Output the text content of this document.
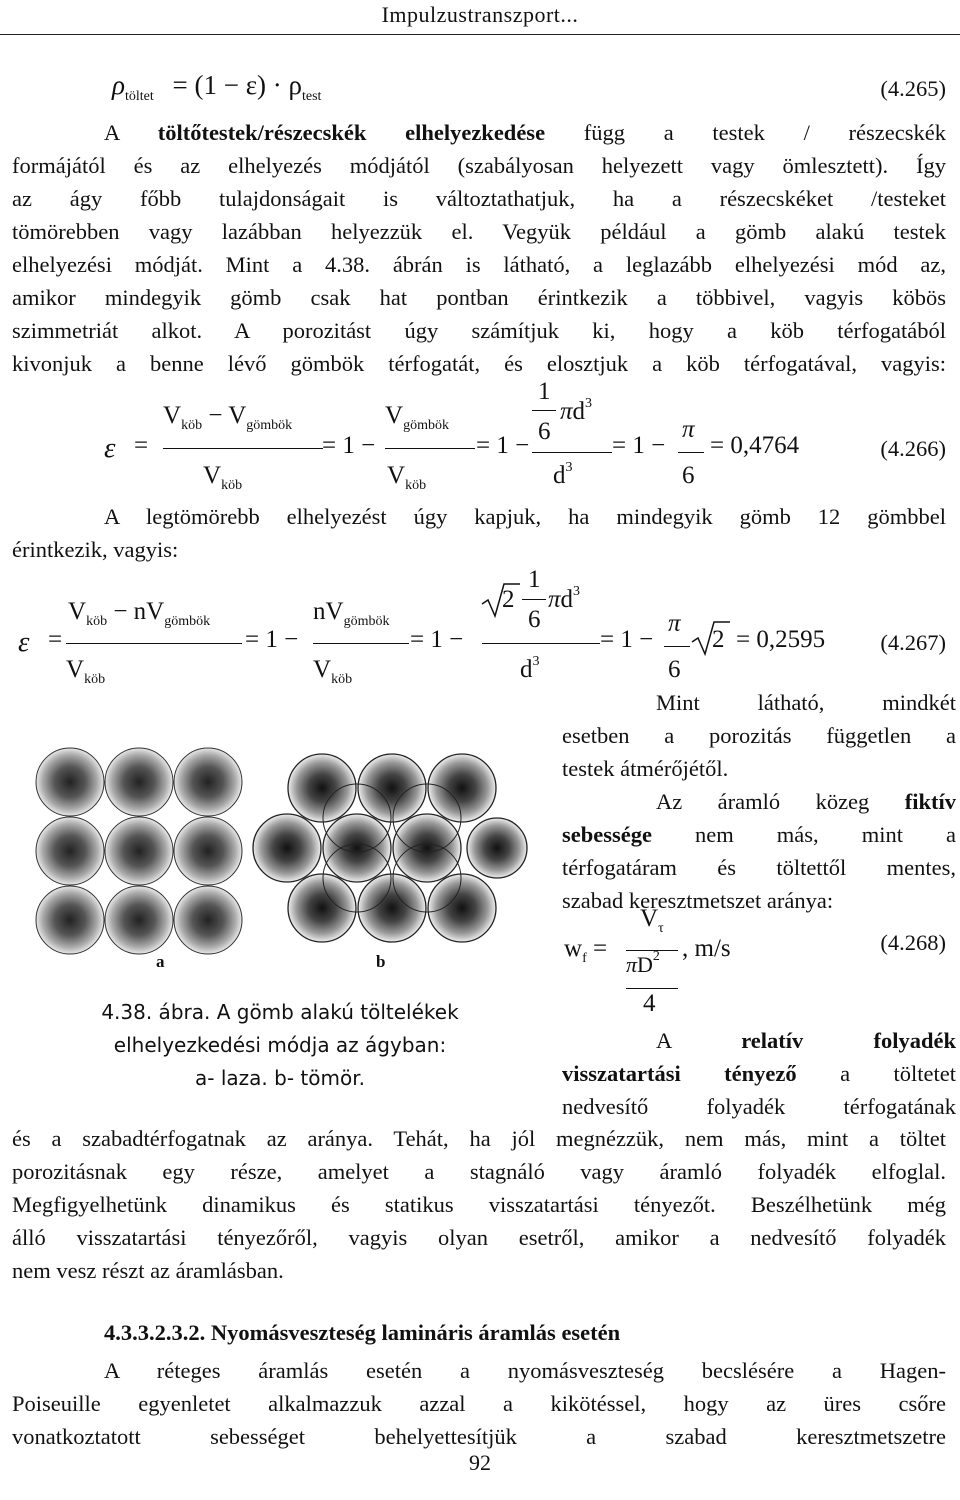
Impulzustranszport...
$\rho_{töltet} = (1 - \varepsilon) \cdot \rho_{test}$	(4.265)
A töltőtestek/részecskék elhelyezkedése függ a testek / részecskék
formájától és az elhelyezés módjától (szabályosan helyezett vagy ömlesztett). Így
az ágy főbb tulajdonságait is változtathatjuk, ha a részecskéket /testeket
tömörebben vagy lazábban helyezzük el. Vegyük például a gömb alakú testek
elhelyezési módját. Mint a 4.38. ábrán is látható, a leglazább elhelyezési mód az,
amikor mindegyik gömb csak hat pontban érintkezik a többivel, vagyis köbös
szimmetriát alkot. A porozitást úgy számítjuk ki, hogy a köb térfogatából
kivonjuk a benne lévő gömbök térfogatát, és elosztjuk a köb térfogatával, vagyis:
ε =
$V_{köb} - V_{gömbök}$
$V_{köb}$
= 1 −
$V_{gömbök}$
$V_{köb}$
= 1 −
1
$\pi d^3$
6
$d^3$
= 1 −
π
6
= 0,4764	(4.266)
A legtömörebb elhelyezést úgy kapjuk, ha mindegyik gömb 12 gömbbel
érintkezik, vagyis:
ε =
$V_{köb} - nV_{gömbök}$
$V_{köb}$
= 1 −
$nV_{gömbök}$
$V_{köb}$
= 1 −
2
1
6
$\pi d^3$
$d^3$
= 1 −
π
6
2 = 0,2595 (4.267)
a	b
4.38. ábra. A gömb alakú töltelékek
elhelyezkedési módja az ágyban:
a- laza. b- tömör.
Mint látható, mindkét
esetben a porozitás független a
testek átmérőjétől.
Az áramló közeg fiktív
sebessége nem más, mint a
térfogatáram és töltettől mentes,
szabad keresztmetszet aránya:
$w_f$ =
$V_\tau$
$\pi D^2$
4
, m/s	(4.268)
A	relatív	folyadék
visszatartási tényező a töltetet
nedvesítő folyadék térfogatának
és a szabadtérfogatnak az aránya. Tehát, ha jól megnézzük, nem más, mint a töltet
porozitásnak egy része, amelyet a stagnáló vagy áramló folyadék elfoglal.
Megfigyelhetünk dinamikus és statikus visszatartási tényezőt. Beszélhetünk még
álló visszatartási tényezőről, vagyis olyan esetről, amikor a nedvesítő folyadék
nem vesz részt az áramlásban.
4.3.3.2.3.2. Nyomásveszteség lamináris áramlás esetén
A réteges áramlás esetén a nyomásveszteség becslésére a Hagen-
Poiseuille egyenletet alkalmazzuk azzal a kikötéssel, hogy az üres csőre
vonatkoztatott sebességet behelyettesítjük a szabad keresztmetszetre
92
